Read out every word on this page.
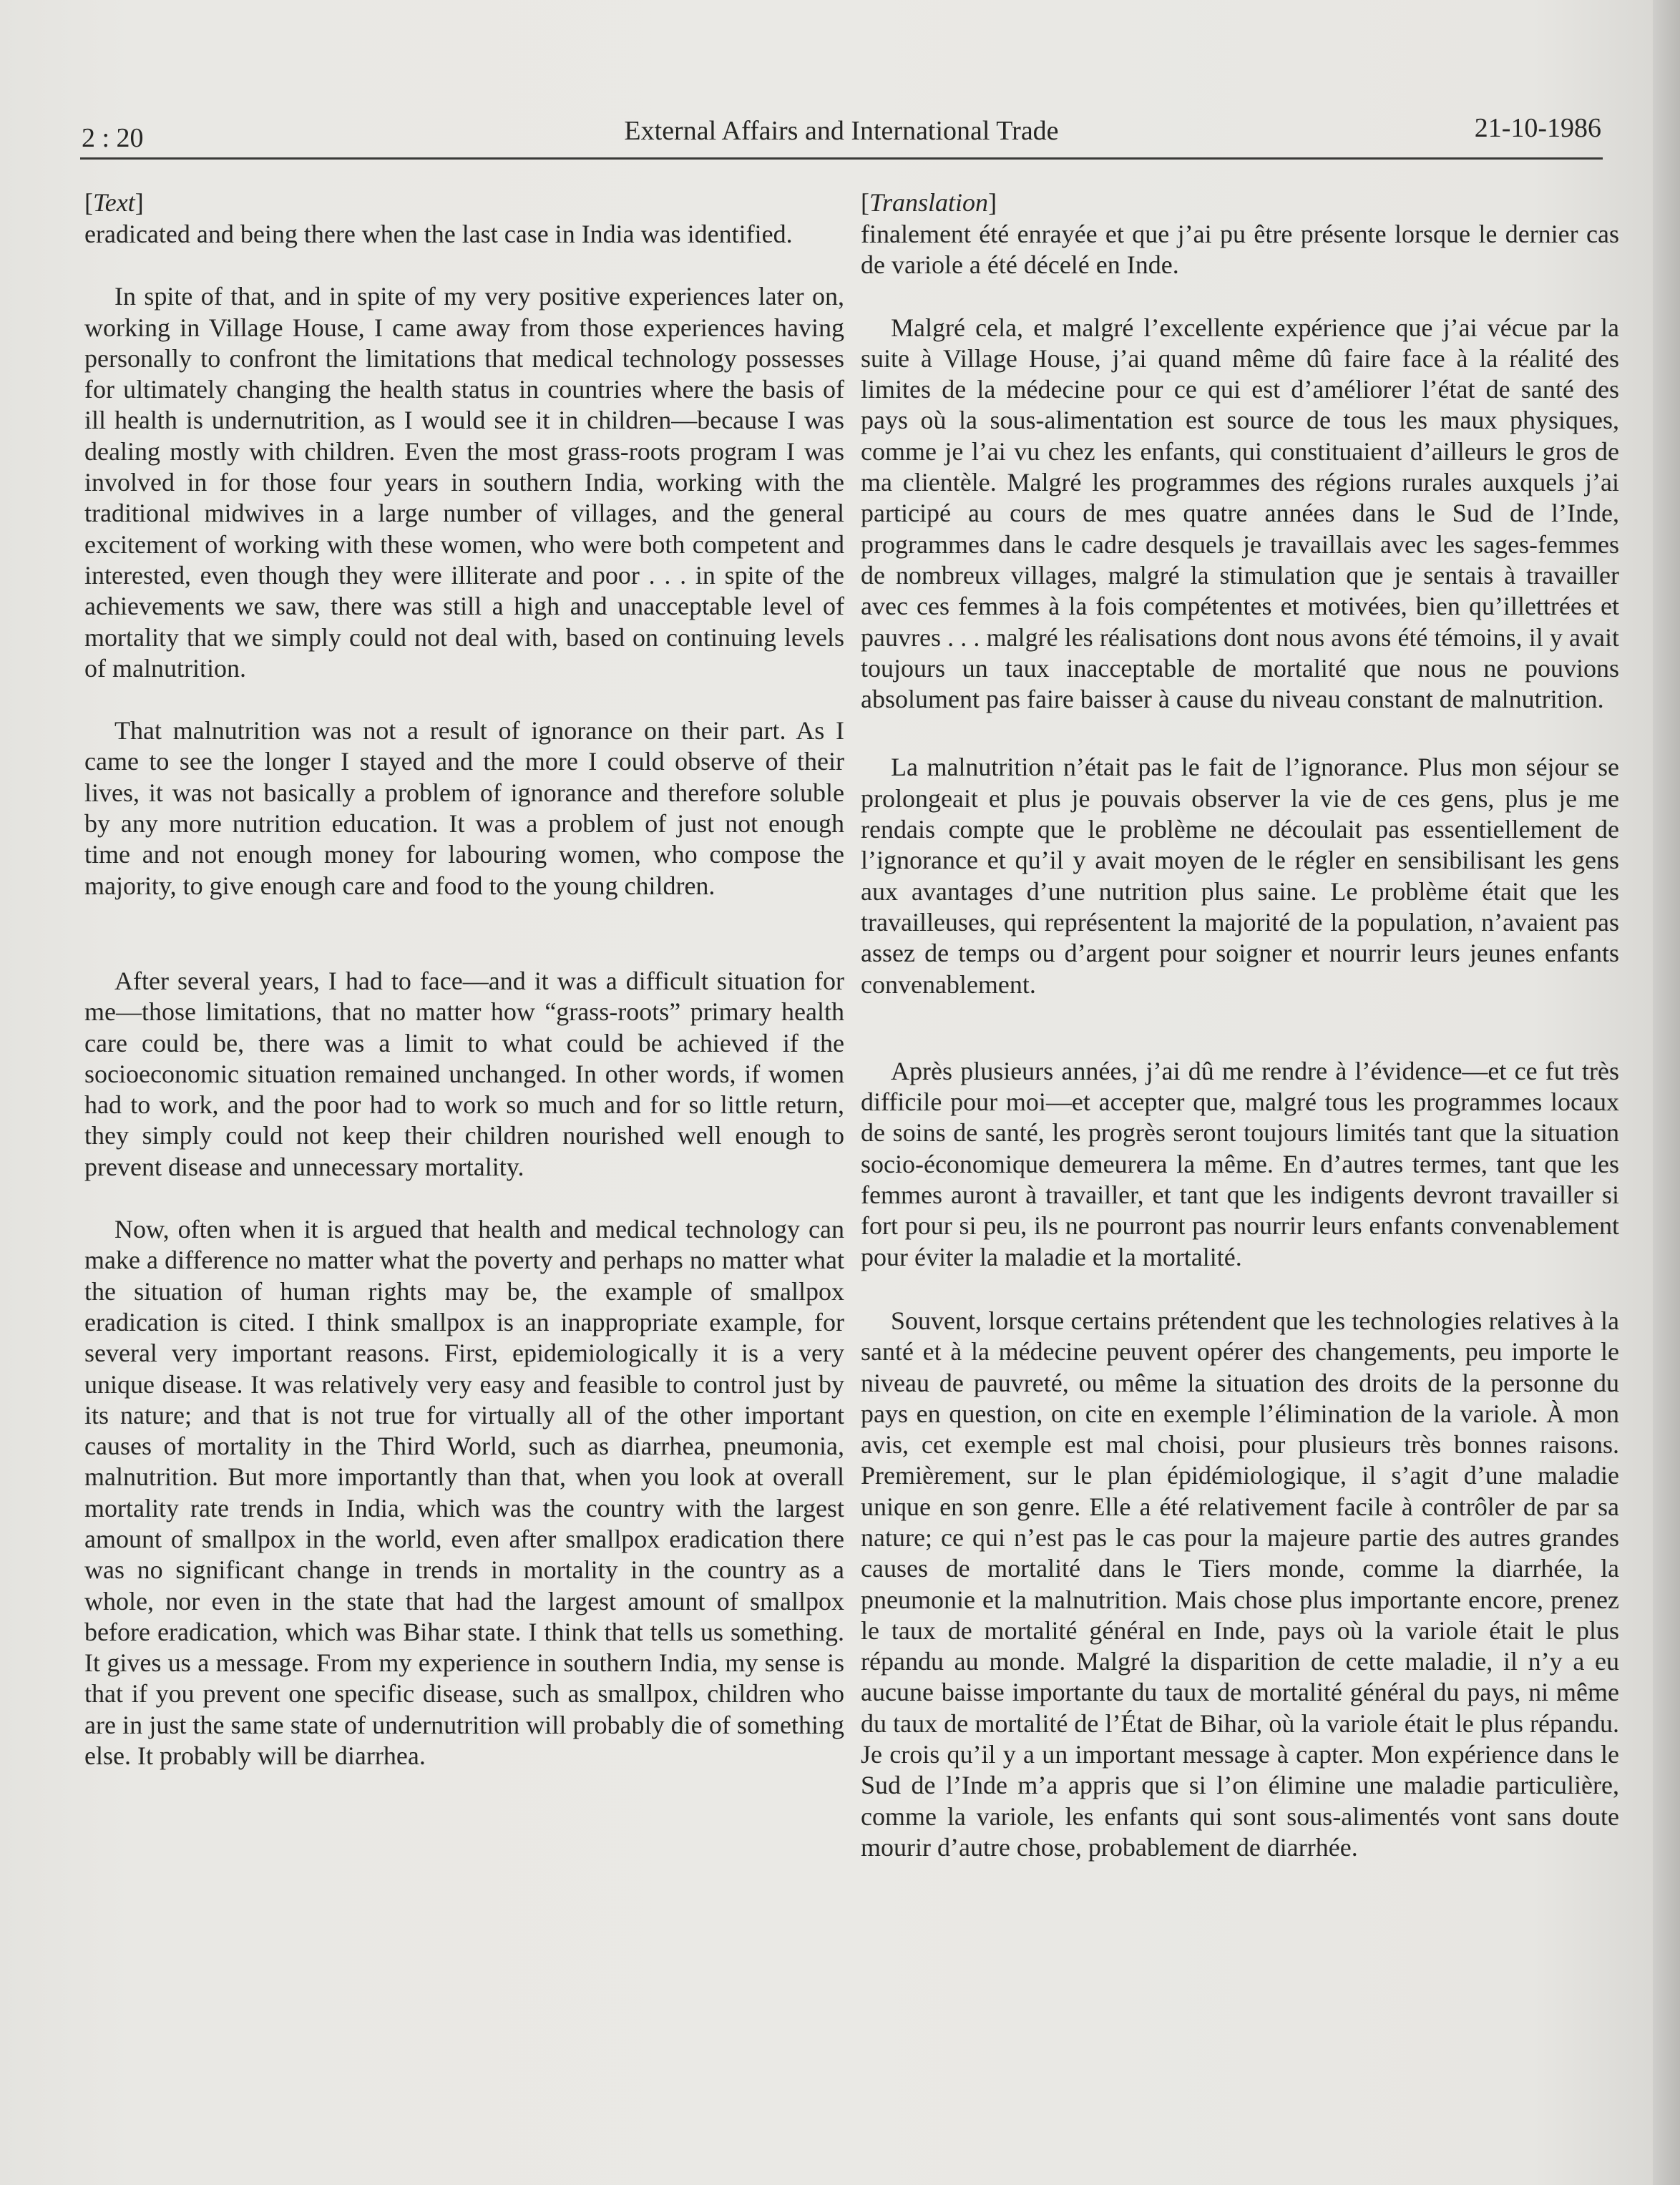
2 : 20	External Affairs and International Trade	21-10-1986
[Text]

eradicated and being there when the last case in India was identified.

In spite of that, and in spite of my very positive experiences later on, working in Village House, I came away from those experiences having personally to confront the limitations that medical technology possesses for ultimately changing the health status in countries where the basis of ill health is undernutrition, as I would see it in children—because I was dealing mostly with children. Even the most grass-roots program I was involved in for those four years in southern India, working with the traditional midwives in a large number of villages, and the general excitement of working with these women, who were both competent and interested, even though they were illiterate and poor . . . in spite of the achievements we saw, there was still a high and unacceptable level of mortality that we simply could not deal with, based on continuing levels of malnutrition.

That malnutrition was not a result of ignorance on their part. As I came to see the longer I stayed and the more I could observe of their lives, it was not basically a problem of ignorance and therefore soluble by any more nutrition education. It was a problem of just not enough time and not enough money for labouring women, who compose the majority, to give enough care and food to the young children.

After several years, I had to face—and it was a difficult situation for me—those limitations, that no matter how “grass-roots” primary health care could be, there was a limit to what could be achieved if the socioeconomic situation remained unchanged. In other words, if women had to work, and the poor had to work so much and for so little return, they simply could not keep their children nourished well enough to prevent disease and unnecessary mortality.

Now, often when it is argued that health and medical technology can make a difference no matter what the poverty and perhaps no matter what the situation of human rights may be, the example of smallpox eradication is cited. I think smallpox is an inappropriate example, for several very important reasons. First, epidemiologically it is a very unique disease. It was relatively very easy and feasible to control just by its nature; and that is not true for virtually all of the other important causes of mortality in the Third World, such as diarrhea, pneumonia, malnutrition. But more importantly than that, when you look at overall mortality rate trends in India, which was the country with the largest amount of smallpox in the world, even after smallpox eradication there was no significant change in trends in mortality in the country as a whole, nor even in the state that had the largest amount of smallpox before eradication, which was Bihar state. I think that tells us something. It gives us a message. From my experience in southern India, my sense is that if you prevent one specific disease, such as smallpox, children who are in just the same state of undernutrition will probably die of something else. It probably will be diarrhea.

[Translation]

finalement été enrayée et que j’ai pu être présente lorsque le dernier cas de variole a été décelé en Inde.

Malgré cela, et malgré l’excellente expérience que j’ai vécue par la suite à Village House, j’ai quand même dû faire face à la réalité des limites de la médecine pour ce qui est d’améliorer l’état de santé des pays où la sous-alimentation est source de tous les maux physiques, comme je l’ai vu chez les enfants, qui constituaient d’ailleurs le gros de ma clientèle. Malgré les programmes des régions rurales auxquels j’ai participé au cours de mes quatre années dans le Sud de l’Inde, programmes dans le cadre desquels je travaillais avec les sages-femmes de nombreux villages, malgré la stimulation que je sentais à travailler avec ces femmes à la fois compétentes et motivées, bien qu’illettrées et pauvres . . . malgré les réalisations dont nous avons été témoins, il y avait toujours un taux inacceptable de mortalité que nous ne pouvions absolument pas faire baisser à cause du niveau constant de malnutrition.

La malnutrition n’était pas le fait de l’ignorance. Plus mon séjour se prolongeait et plus je pouvais observer la vie de ces gens, plus je me rendais compte que le problème ne découlait pas essentiellement de l’ignorance et qu’il y avait moyen de le régler en sensibilisant les gens aux avantages d’une nutrition plus saine. Le problème était que les travailleuses, qui représentent la majorité de la population, n’avaient pas assez de temps ou d’argent pour soigner et nourrir leurs jeunes enfants convenablement.

Après plusieurs années, j’ai dû me rendre à l’évidence—et ce fut très difficile pour moi—et accepter que, malgré tous les programmes locaux de soins de santé, les progrès seront toujours limités tant que la situation socio-économique demeurera la même. En d’autres termes, tant que les femmes auront à travailler, et tant que les indigents devront travailler si fort pour si peu, ils ne pourront pas nourrir leurs enfants convenablement pour éviter la maladie et la mortalité.

Souvent, lorsque certains prétendent que les technologies relatives à la santé et à la médecine peuvent opérer des changements, peu importe le niveau de pauvreté, ou même la situation des droits de la personne du pays en question, on cite en exemple l’élimination de la variole. À mon avis, cet exemple est mal choisi, pour plusieurs très bonnes raisons. Premièrement, sur le plan épidémiologique, il s’agit d’une maladie unique en son genre. Elle a été relativement facile à contrôler de par sa nature; ce qui n’est pas le cas pour la majeure partie des autres grandes causes de mortalité dans le Tiers monde, comme la diarrhée, la pneumonie et la malnutrition. Mais chose plus importante encore, prenez le taux de mortalité général en Inde, pays où la variole était le plus répandu au monde. Malgré la disparition de cette maladie, il n’y a eu aucune baisse importante du taux de mortalité général du pays, ni même du taux de mortalité de l’État de Bihar, où la variole était le plus répandu. Je crois qu’il y a un important message à capter. Mon expérience dans le Sud de l’Inde m’a appris que si l’on élimine une maladie particulière, comme la variole, les enfants qui sont sous-alimentés vont sans doute mourir d’autre chose, probablement de diarrhée.
